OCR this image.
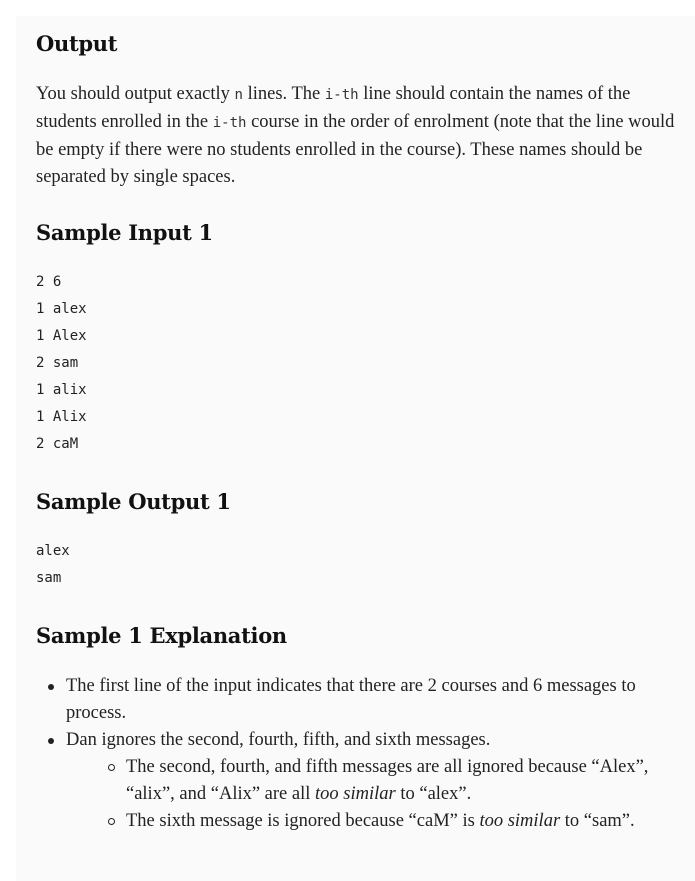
Output
You should output exactly n lines. The i-th line should contain the names of the students enrolled in the i-th course in the order of enrolment (note that the line would be empty if there were no students enrolled in the course). These names should be separated by single spaces.
Sample Input 1
2 6
1 alex
1 Alex
2 sam
1 alix
1 Alix
2 caM
Sample Output 1
alex
sam
Sample 1 Explanation
The first line of the input indicates that there are 2 courses and 6 messages to process.
Dan ignores the second, fourth, fifth, and sixth messages.
The second, fourth, and fifth messages are all ignored because “Alex”, “alix”, and “Alix” are all too similar to “alex”.
The sixth message is ignored because “caM” is too similar to “sam”.
